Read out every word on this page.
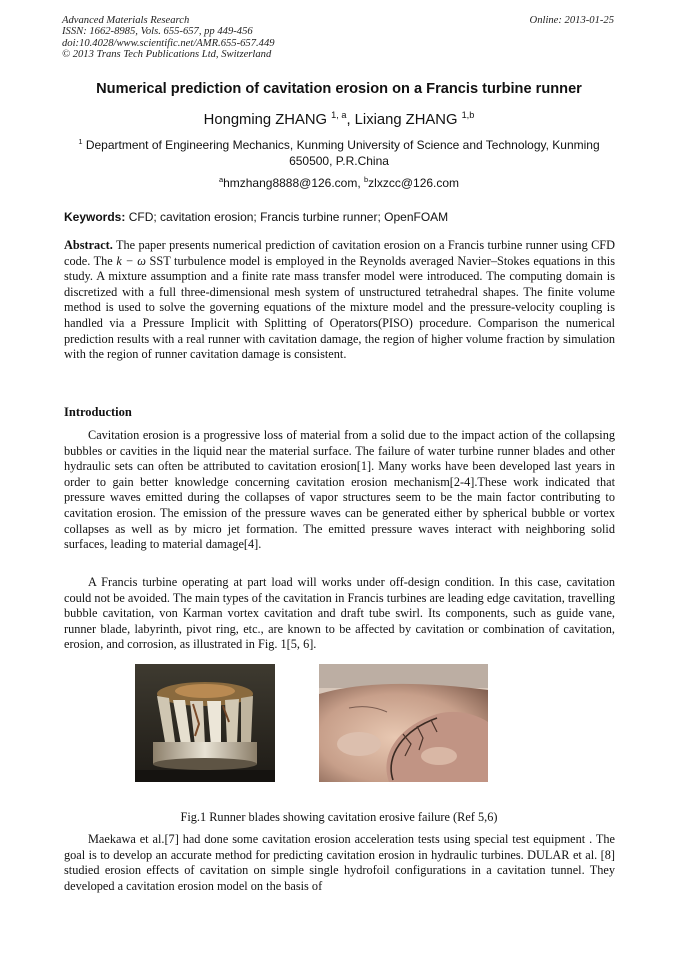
Advanced Materials Research
ISSN: 1662-8985, Vols. 655-657, pp 449-456
doi:10.4028/www.scientific.net/AMR.655-657.449
© 2013 Trans Tech Publications Ltd, Switzerland
Online: 2013-01-25
Numerical prediction of cavitation erosion on a Francis turbine runner
Hongming ZHANG $^{1, a}$, Lixiang ZHANG $^{1,b}$
$^1$ Department of Engineering Mechanics, Kunming University of Science and Technology, Kunming 650500, P.R.China
$^a$hmzhang8888@126.com, $^b$zlxzcc@126.com
Keywords: CFD; cavitation erosion; Francis turbine runner; OpenFOAM
Abstract. The paper presents numerical prediction of cavitation erosion on a Francis turbine runner using CFD code. The k − ω SST turbulence model is employed in the Reynolds averaged Navier–Stokes equations in this study. A mixture assumption and a finite rate mass transfer model were introduced. The computing domain is discretized with a full three-dimensional mesh system of unstructured tetrahedral shapes. The finite volume method is used to solve the governing equations of the mixture model and the pressure-velocity coupling is handled via a Pressure Implicit with Splitting of Operators(PISO) procedure. Comparison the numerical prediction results with a real runner with cavitation damage, the region of higher volume fraction by simulation with the region of runner cavitation damage is consistent.
Introduction
Cavitation erosion is a progressive loss of material from a solid due to the impact action of the collapsing bubbles or cavities in the liquid near the material surface. The failure of water turbine runner blades and other hydraulic sets can often be attributed to cavitation erosion[1]. Many works have been developed last years in order to gain better knowledge concerning cavitation erosion mechanism[2-4].These work indicated that pressure waves emitted during the collapses of vapor structures seem to be the main factor contributing to cavitation erosion. The emission of the pressure waves can be generated either by spherical bubble or vortex collapses as well as by micro jet formation. The emitted pressure waves interact with neighboring solid surfaces, leading to material damage[4].
A Francis turbine operating at part load will works under off-design condition. In this case, cavitation could not be avoided. The main types of the cavitation in Francis turbines are leading edge cavitation, travelling bubble cavitation, von Karman vortex cavitation and draft tube swirl. Its components, such as guide vane, runner blade, labyrinth, pivot ring, etc., are known to be affected by cavitation or combination of cavitation, erosion, and corrosion, as illustrated in Fig. 1[5, 6].
Fig.1 Runner blades showing cavitation erosive failure (Ref 5,6)
Maekawa et al.[7] had done some cavitation erosion acceleration tests using special test equipment . The goal is to develop an accurate method for predicting cavitation erosion in hydraulic turbines. DULAR et al. [8] studied erosion effects of cavitation on simple single hydrofoil configurations in a cavitation tunnel. They developed a cavitation erosion model on the basis of
